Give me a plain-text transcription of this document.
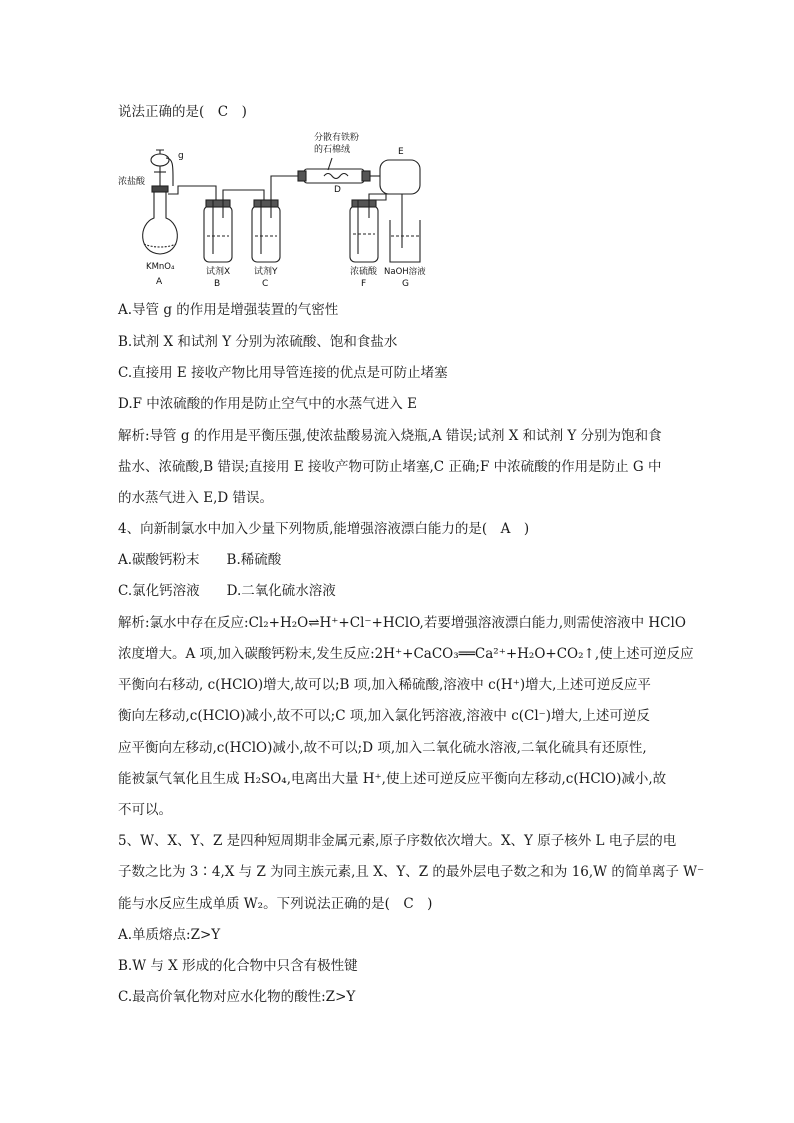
说法正确的是(　C　)
g
浓盐酸
KMnO₄
A
试剂X
B
试剂Y
C
分散有铁粉
的石棉绒
D
E
浓硫酸
F
NaOH溶液
G
A.导管 g 的作用是增强装置的气密性
B.试剂 X 和试剂 Y 分别为浓硫酸、饱和食盐水
C.直接用 E 接收产物比用导管连接的优点是可防止堵塞
D.F 中浓硫酸的作用是防止空气中的水蒸气进入 E
解析:导管 g 的作用是平衡压强,使浓盐酸易流入烧瓶,A 错误;试剂 X 和试剂 Y 分别为饱和食
盐水、浓硫酸,B 错误;直接用 E 接收产物可防止堵塞,C 正确;F 中浓硫酸的作用是防止 G 中
的水蒸气进入 E,D 错误。
4、向新制氯水中加入少量下列物质,能增强溶液漂白能力的是(　A　)
A.碳酸钙粉末　　B.稀硫酸
C.氯化钙溶液　　D.二氧化硫水溶液
解析:氯水中存在反应:Cl₂+H₂O⇌H⁺+Cl⁻+HClO,若要增强溶液漂白能力,则需使溶液中 HClO
浓度增大。A 项,加入碳酸钙粉末,发生反应:2H⁺+CaCO₃══Ca²⁺+H₂O+CO₂↑,使上述可逆反应
平衡向右移动, c(HClO)增大,故可以;B 项,加入稀硫酸,溶液中 c(H⁺)增大,上述可逆反应平
衡向左移动,c(HClO)减小,故不可以;C 项,加入氯化钙溶液,溶液中 c(Cl⁻)增大,上述可逆反
应平衡向左移动,c(HClO)减小,故不可以;D 项,加入二氧化硫水溶液,二氧化硫具有还原性,
能被氯气氧化且生成 H₂SO₄,电离出大量 H⁺,使上述可逆反应平衡向左移动,c(HClO)减小,故
不可以。
5、W、X、Y、Z 是四种短周期非金属元素,原子序数依次增大。X、Y 原子核外 L 电子层的电
子数之比为 3∶4,X 与 Z 为同主族元素,且 X、Y、Z 的最外层电子数之和为 16,W 的简单离子 W⁻
能与水反应生成单质 W₂。下列说法正确的是(　C　)
A.单质熔点:Z>Y
B.W 与 X 形成的化合物中只含有极性键
C.最高价氧化物对应水化物的酸性:Z>Y
